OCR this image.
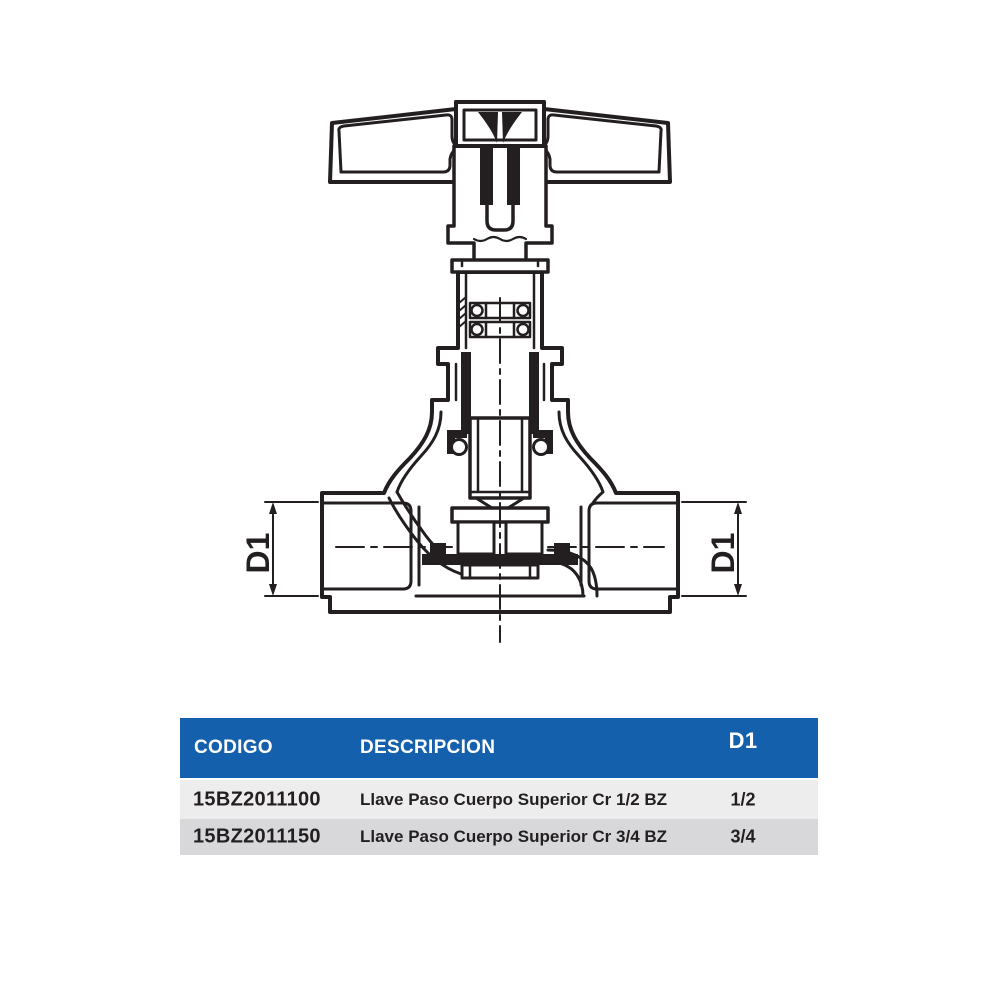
D1	D1
CODIGO	DESCRIPCION	D1
15BZ2011100 Llave Paso Cuerpo Superior Cr 1/2 BZ	1/2
15BZ2011150 Llave Paso Cuerpo Superior Cr 3/4 BZ	3/4
